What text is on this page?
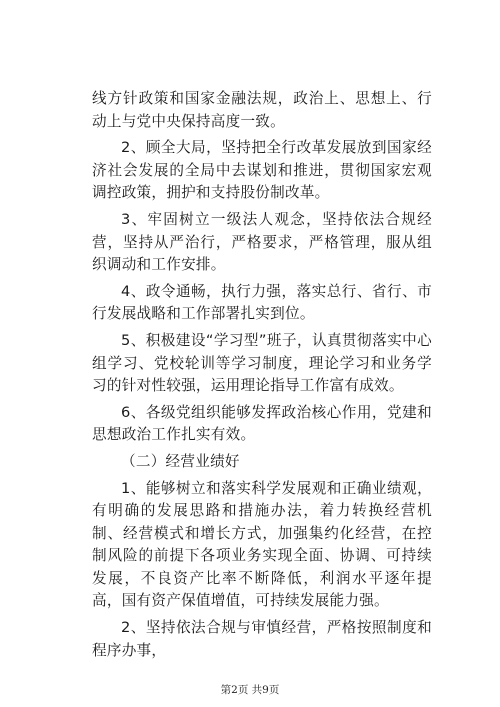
线方针政策和国家金融法规，政治上、思想上、行动上与党中央保持高度一致。

2、顾全大局，坚持把全行改革发展放到国家经济社会发展的全局中去谋划和推进，贯彻国家宏观调控政策，拥护和支持股份制改革。

3、牢固树立一级法人观念，坚持依法合规经营，坚持从严治行，严格要求，严格管理，服从组织调动和工作安排。

4、政令通畅，执行力强，落实总行、省行、市行发展战略和工作部署扎实到位。

5、积极建设“学习型”班子，认真贯彻落实中心组学习、党校轮训等学习制度，理论学习和业务学习的针对性较强，运用理论指导工作富有成效。

6、各级党组织能够发挥政治核心作用，党建和思想政治工作扎实有效。

（二）经营业绩好

1、能够树立和落实科学发展观和正确业绩观，有明确的发展思路和措施办法，着力转换经营机制、经营模式和增长方式，加强集约化经营，在控制风险的前提下各项业务实现全面、协调、可持续发展，不良资产比率不断降低，利润水平逐年提高，国有资产保值增值，可持续发展能力强。

2、坚持依法合规与审慎经营，严格按照制度和程序办事，

第2页 共9页
